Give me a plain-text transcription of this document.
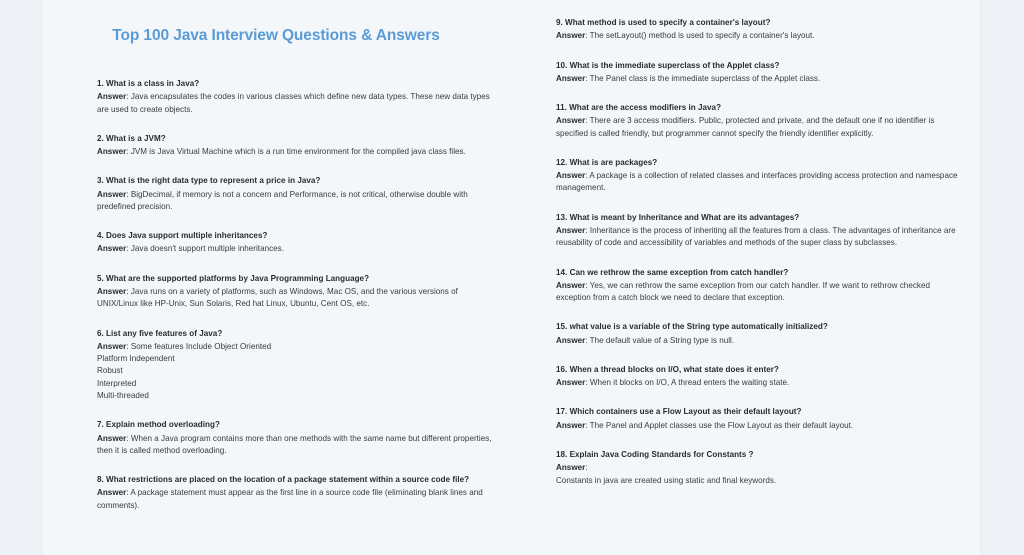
Top 100 Java Interview Questions & Answers

1. What is a class in Java?

Answer: Java encapsulates the codes in various classes which define new data types. These new data types are used to create objects.

2. What is a JVM?

Answer: JVM is Java Virtual Machine which is a run time environment for the compiled java class files.

3. What is the right data type to represent a price in Java?

Answer: BigDecimal, if memory is not a concern and Performance, is not critical, otherwise double with predefined precision.

4. Does Java support multiple inheritances?

Answer: Java doesn't support multiple inheritances.

5. What are the supported platforms by Java Programming Language?

Answer: Java runs on a variety of platforms, such as Windows, Mac OS, and the various versions of UNIX/Linux like HP-Unix, Sun Solaris, Red hat Linux, Ubuntu, Cent OS, etc.

6. List any five features of Java?

Answer: Some features Include Object Oriented

Platform Independent
Robust
Interpreted
Multi-threaded

7. Explain method overloading?

Answer: When a Java program contains more than one methods with the same name but different properties, then it is called method overloading.

8. What restrictions are placed on the location of a package statement within a source code file?

Answer: A package statement must appear as the first line in a source code file (eliminating blank lines and comments).

9. What method is used to specify a container's layout?

Answer: The setLayout() method is used to specify a container's layout.

10. What is the immediate superclass of the Applet class?

Answer: The Panel class is the immediate superclass of the Applet class.

11. What are the access modifiers in Java?

Answer: There are 3 access modifiers. Public, protected and private, and the default one if no identifier is specified is called friendly, but programmer cannot specify the friendly identifier explicitly.

12. What is are packages?

Answer: A package is a collection of related classes and interfaces providing access protection and namespace management.

13. What is meant by Inheritance and What are its advantages?

Answer: Inheritance is the process of inheriting all the features from a class. The advantages of inheritance are reusability of code and accessibility of variables and methods of the super class by subclasses.

14. Can we rethrow the same exception from catch handler?

Answer: Yes, we can rethrow the same exception from our catch handler. If we want to rethrow checked exception from a catch block we need to declare that exception.

15. what value is a variable of the String type automatically initialized?

Answer: The default value of a String type is null.

16. When a thread blocks on I/O, what state does it enter?

Answer: When it blocks on I/O, A thread enters the waiting state.

17. Which containers use a Flow Layout as their default layout?

Answer: The Panel and Applet classes use the Flow Layout as their default layout.

18. Explain Java Coding Standards for Constants ?

Answer:

Constants in java are created using static and final keywords.
